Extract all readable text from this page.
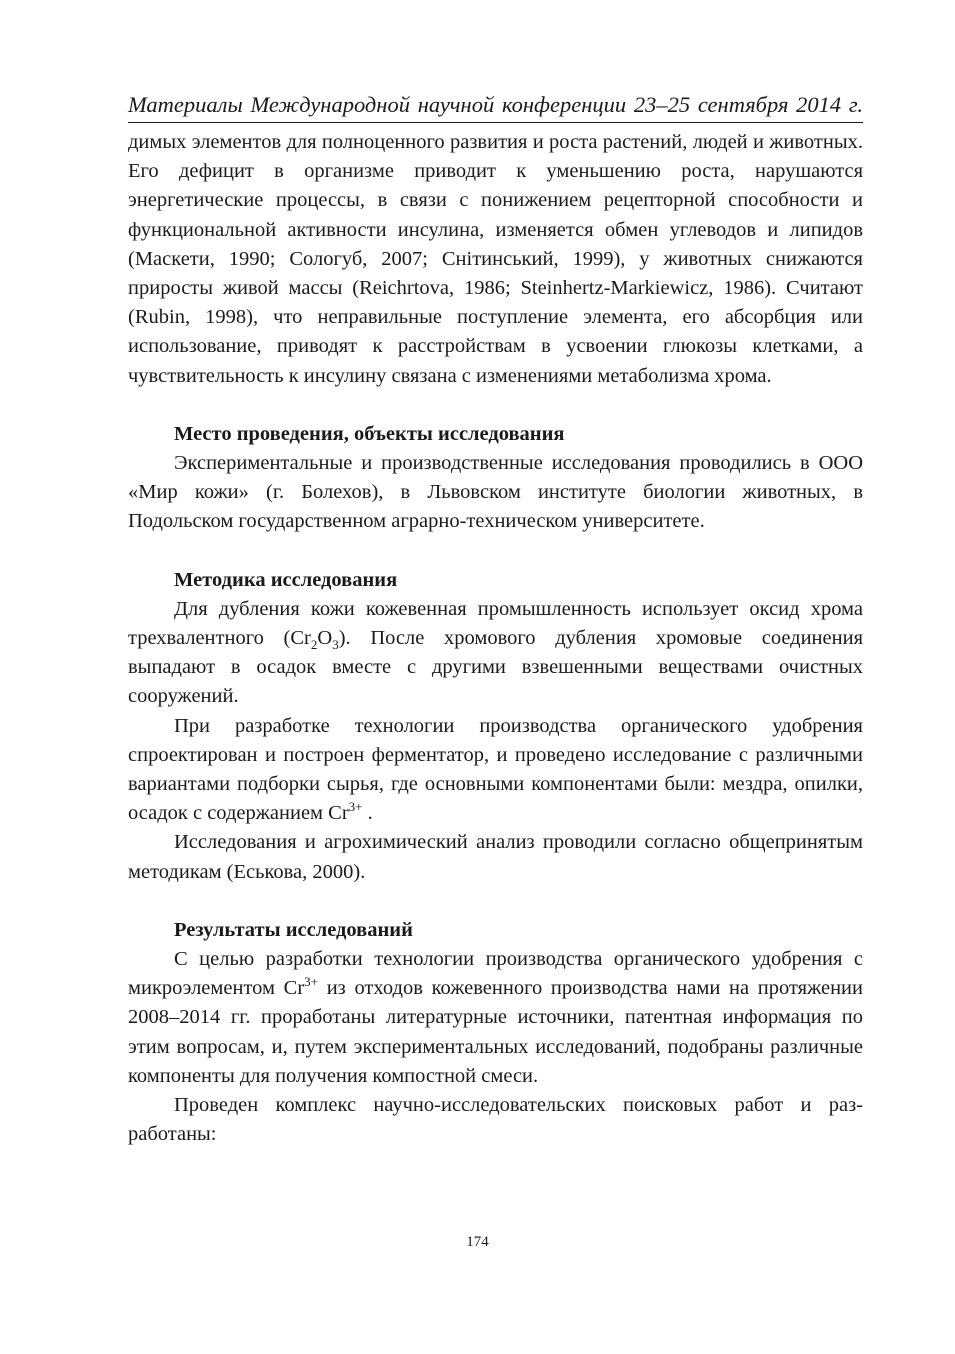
Материалы Международной научной конференции 23–25 сентября 2014 г.

димых элементов для полноценного развития и роста растений, людей и животных. Его дефицит в организме приводит к уменьшению роста, нарушаются энергетические процессы, в связи с понижением рецепторной способности и функциональной активности инсулина, изменяется обмен углеводов и липидов (Маскети, 1990; Сологуб, 2007; Снітинський, 1999), у животных снижаются приросты живой массы (Reichrtova, 1986; Steinhertz-Markiewicz, 1986). Считают (Rubin, 1998), что неправильные поступление элемента, его абсорбция или использование, приводят к расстройствам в усвоении глюкозы клетками, а чувствительность к инсулину связана с изменениями метаболизма хрома.

Место проведения, объекты исследования

Экспериментальные и производственные исследования проводились в ООО «Мир кожи» (г. Болехов), в Львовском институте биологии животных, в Подольском государственном аграрно-техническом университете.

Методика исследования

Для дубления кожи кожевенная промышленность использует оксид хрома трехвалентного $(Cr_2O_3)$. После хромового дубления хромовые соединения выпадают в осадок вместе с другими взвешенными веществами очистных сооружений.

При разработке технологии производства органического удобрения спроектирован и построен ферментатор, и проведено исследование с различными вариантами подборки сырья, где основными компонентами были: мездра, опилки, осадок с содержанием $Cr^{3+}$ .

Исследования и агрохимический анализ проводили согласно общепринятым методикам (Еськова, 2000).

Результаты исследований

С целью разработки технологии производства органического удобрения с микроэлементом $Cr^{3+}$ из отходов кожевенного производства нами на протяжении 2008–2014 гг. проработаны литературные источники, патентная информация по этим вопросам, и, путем экспериментальных исследований, подобраны различные компоненты для получения компостной смеси.

Проведен комплекс научно-исследовательских поисковых работ и разработаны:

174
